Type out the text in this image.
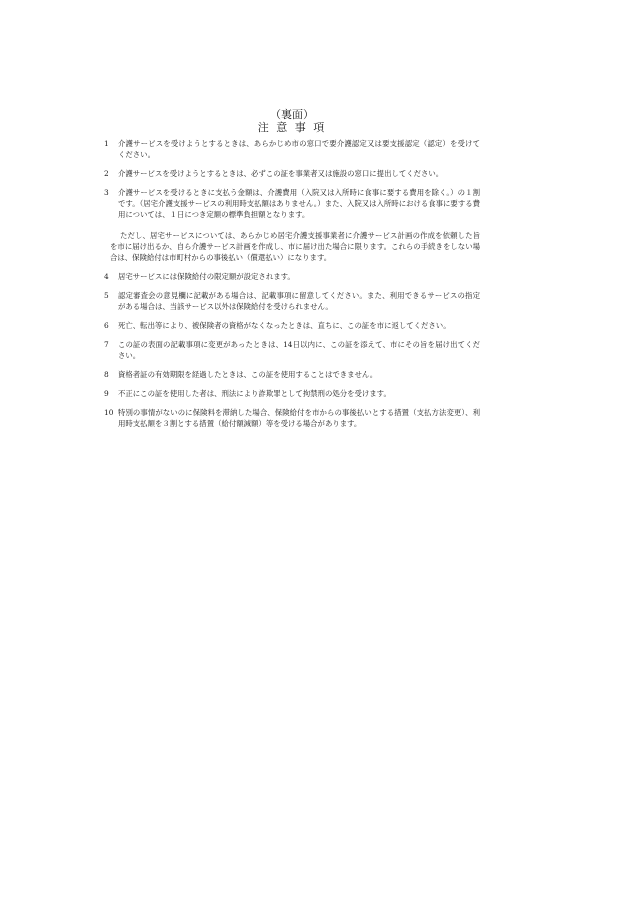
（裏面）

注 意 事 項

1	介護サービスを受けようとするときは、あらかじめ市の窓口で要介護認定又は要支援認定（認定）を受けてください。
2	介護サービスを受けようとするときは、必ずこの証を事業者又は施設の窓口に提出してください。
3	介護サービスを受けるときに支払う金額は、介護費用（入院又は入所時に食事に要する費用を除く。）の１割です。（居宅介護支援サービスの利用時支払額はありません。）また、入院又は入所時における食事に要する費用については、１日につき定額の標準負担額となります。

ただし、居宅サービスについては、あらかじめ居宅介護支援事業者に介護サービス計画の作成を依頼した旨を市に届け出るか、自ら介護サービス計画を作成し、市に届け出た場合に限ります。これらの手続きをしない場合は、保険給付は市町村からの事後払い（償還払い）になります。

4	居宅サービスには保険給付の限定額が設定されます。
5	認定審査会の意見欄に記載がある場合は、記載事項に留意してください。また、利用できるサービスの指定がある場合は、当該サービス以外は保険給付を受けられません。
6	死亡、転出等により、被保険者の資格がなくなったときは、直ちに、この証を市に返してください。
7	この証の表面の記載事項に変更があったときは、14日以内に、この証を添えて、市にその旨を届け出てください。
8	資格者証の有効期限を経過したときは、この証を使用することはできません。
9	不正にこの証を使用した者は、刑法により詐欺罪として拘禁刑の処分を受けます。
10 特別の事情がないのに保険料を滞納した場合、保険給付を市からの事後払いとする措置（支払方法変更）、利用時支払額を３割とする措置（給付額減額）等を受ける場合があります。
